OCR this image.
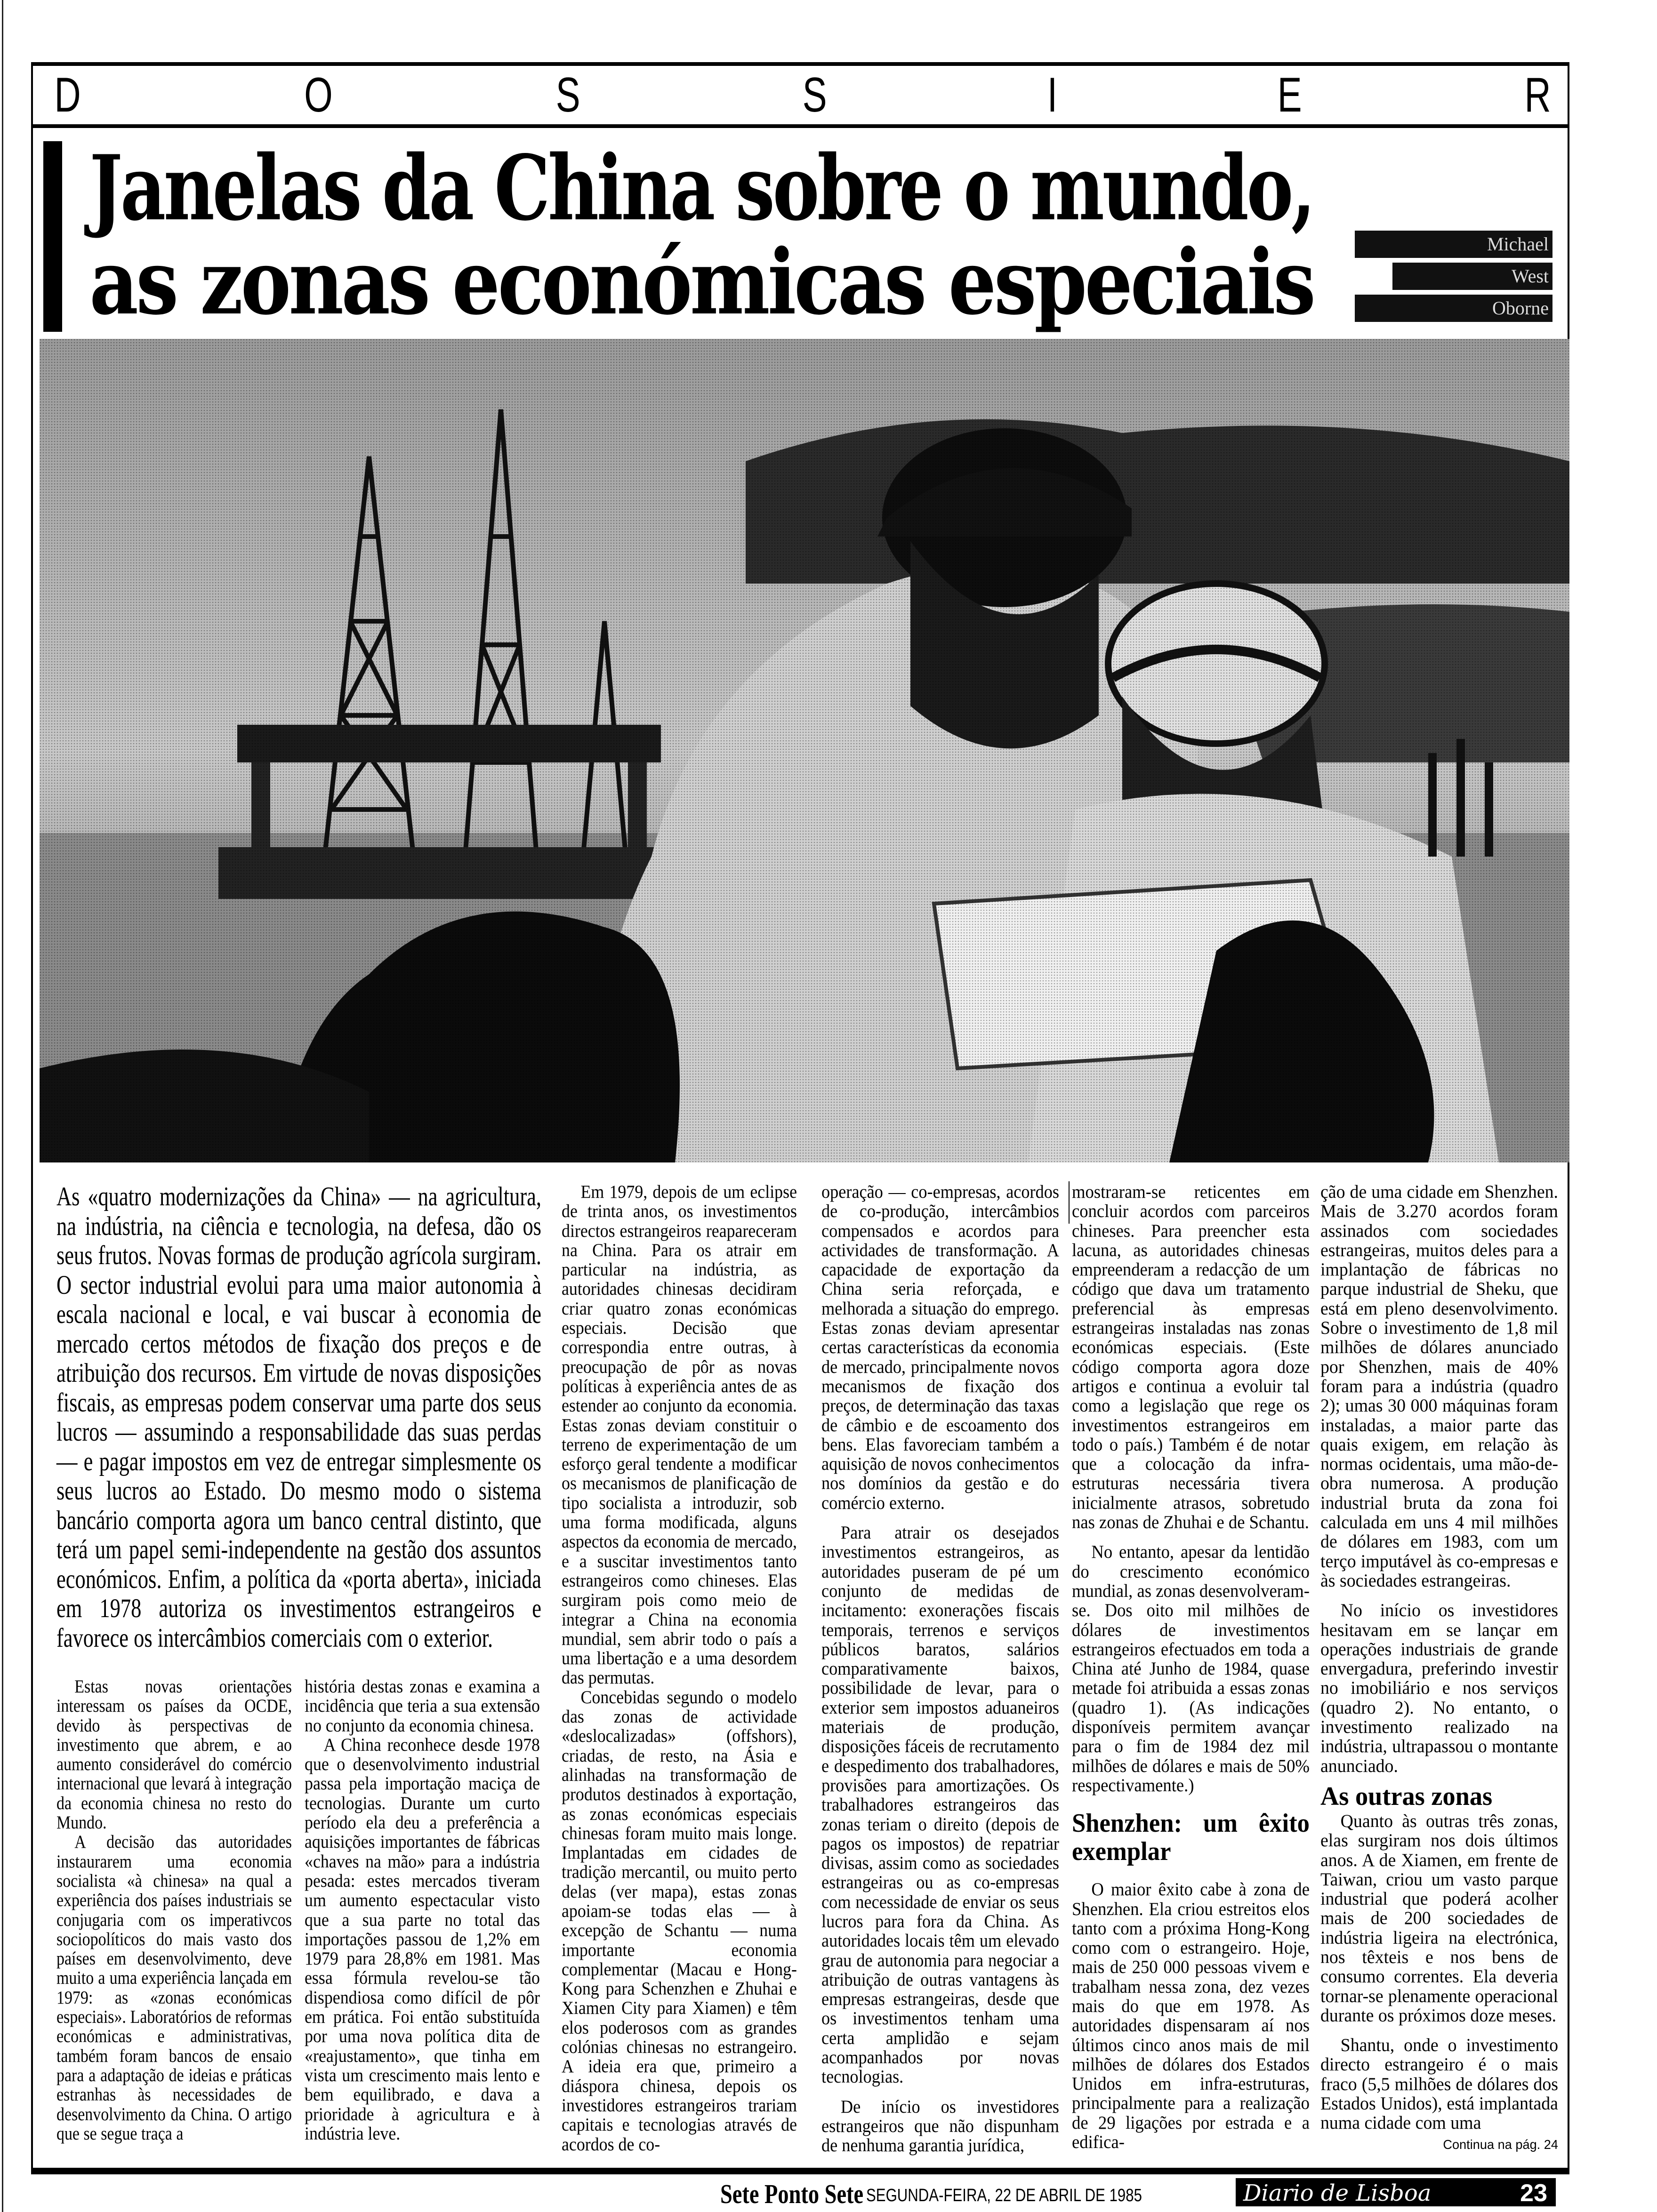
D	O	S	S	I	E	R
Janelas da China sobre o mundo,
as zonas económicas especiais	Michael
West
Oborne
As «quatro modernizações da China» — na agricultura, na indústria, na ciência e tecnologia, na defesa, dão os seus frutos. Novas formas de produção agrícola surgiram. O sector industrial evolui para uma maior autonomia à escala nacional e local, e vai buscar à economia de mercado certos métodos de fixação dos preços e de atribuição dos recursos. Em virtude de novas disposições fiscais, as empresas podem conservar uma parte dos seus lucros — assumindo a responsabilidade das suas perdas — e pagar impostos em vez de entregar simplesmente os seus lucros ao Estado. Do mesmo modo o sistema bancário comporta agora um banco central distinto, que terá um papel semi-independente na gestão dos assuntos económicos. Enfim, a política da «porta aberta», iniciada em 1978 autoriza os investimentos estrangeiros e favorece os intercâmbios comerciais com o exterior.

Estas novas orientações interessam os países da OCDE, devido às perspectivas de investimento que abrem, e ao aumento considerável do comércio internacional que levará à integração da economia chinesa no resto do Mundo.

A decisão das autoridades instaurarem uma economia socialista «à chinesa» na qual a experiência dos países industriais se conjugaria com os imperativcos sociopolíticos do mais vasto dos países em desenvolvimento, deve muito a uma experiência lançada em 1979: as «zonas económicas especiais». Laboratórios de reformas económicas e administrativas, também foram bancos de ensaio para a adaptação de ideias e práticas estranhas às necessidades de desenvolvimento da China. O artigo que se segue traça a

história destas zonas e examina a incidência que teria a sua extensão no conjunto da economia chinesa.

A China reconhece desde 1978 que o desenvolvimento industrial passa pela importação maciça de tecnologias. Durante um curto período ela deu a preferência a aquisições importantes de fábricas «chaves na mão» para a indústria pesada: estes mercados tiveram um aumento espectacular visto que a sua parte no total das importações passou de 1,2% em 1979 para 28,8% em 1981. Mas essa fórmula revelou-se tão dispendiosa como difícil de pôr em prática. Foi então substituída por uma nova política dita de «reajustamento», que tinha em vista um crescimento mais lento e bem equilibrado, e dava a prioridade à agricultura e à indústria leve.

Em 1979, depois de um eclipse de trinta anos, os investimentos directos estrangeiros reapareceram na China. Para os atrair em particular na indústria, as autoridades chinesas decidiram criar quatro zonas económicas especiais. Decisão que correspondia entre outras, à preocupação de pôr as novas políticas à experiência antes de as estender ao conjunto da economia. Estas zonas deviam constituir o terreno de experimentação de um esforço geral tendente a modificar os mecanismos de planificação de tipo socialista a introduzir, sob uma forma modificada, alguns aspectos da economia de mercado, e a suscitar investimentos tanto estrangeiros como chineses. Elas surgiram pois como meio de integrar a China na economia mundial, sem abrir todo o país a uma libertação e a uma desordem das permutas.

Concebidas segundo o modelo das zonas de actividade «deslocalizadas» (offshors), criadas, de resto, na Ásia e alinhadas na transformação de produtos destinados à exportação, as zonas económicas especiais chinesas foram muito mais longe. Implantadas em cidades de tradição mercantil, ou muito perto delas (ver mapa), estas zonas apoiam-se todas elas — à excepção de Schantu — numa importante economia complementar (Macau e Hong-Kong para Schenzhen e Zhuhai e Xiamen City para Xiamen) e têm elos poderosos com as grandes colónias chinesas no estrangeiro. A ideia era que, primeiro a diáspora chinesa, depois os investidores estrangeiros trariam capitais e tecnologias através de acordos de co-

operação — co-empresas, acordos de co-produção, intercâmbios compensados e acordos para actividades de transformação. A capacidade de exportação da China seria reforçada, e melhorada a situação do emprego. Estas zonas deviam apresentar certas características da economia de mercado, principalmente novos mecanismos de fixação dos preços, de determinação das taxas de câmbio e de escoamento dos bens. Elas favoreciam também a aquisição de novos conhecimentos nos domínios da gestão e do comércio externo.

Para atrair os desejados investimentos estrangeiros, as autoridades puseram de pé um conjunto de medidas de incitamento: exonerações fiscais temporais, terrenos e serviços públicos baratos, salários comparativamente baixos, possibilidade de levar, para o exterior sem impostos aduaneiros materiais de produção, disposições fáceis de recrutamento e despedimento dos trabalhadores, provisões para amortizações. Os trabalhadores estrangeiros das zonas teriam o direito (depois de pagos os impostos) de repatriar divisas, assim como as sociedades estrangeiras ou as co-empresas com necessidade de enviar os seus lucros para fora da China. As autoridades locais têm um elevado grau de autonomia para negociar a atribuição de outras vantagens às empresas estrangeiras, desde que os investimentos tenham uma certa amplidão e sejam acompanhados por novas tecnologias.

De início os investidores estrangeiros que não dispunham de nenhuma garantia jurídica,

mostraram-se reticentes em concluir acordos com parceiros chineses. Para preencher esta lacuna, as autoridades chinesas empreenderam a redacção de um código que dava um tratamento preferencial às empresas estrangeiras instaladas nas zonas económicas especiais. (Este código comporta agora doze artigos e continua a evoluir tal como a legislação que rege os investimentos estrangeiros em todo o país.) Também é de notar que a colocação da infra-estruturas necessária tivera inicialmente atrasos, sobretudo nas zonas de Zhuhai e de Schantu.

No entanto, apesar da lentidão do crescimento económico mundial, as zonas desenvolveram-se. Dos oito mil milhões de dólares de investimentos estrangeiros efectuados em toda a China até Junho de 1984, quase metade foi atribuida a essas zonas (quadro 1). (As indicações disponíveis permitem avançar para o fim de 1984 dez mil milhões de dólares e mais de 50% respectivamente.)

Shenzhen: um êxito exemplar

O maior êxito cabe à zona de Shenzhen. Ela criou estreitos elos tanto com a próxima Hong-Kong como com o estrangeiro. Hoje, mais de 250 000 pessoas vivem e trabalham nessa zona, dez vezes mais do que em 1978. As autoridades dispensaram aí nos últimos cinco anos mais de mil milhões de dólares dos Estados Unidos em infra-estruturas, principalmente para a realização de 29 ligações por estrada e a edifica-

ção de uma cidade em Shenzhen. Mais de 3.270 acordos foram assinados com sociedades estrangeiras, muitos deles para a implantação de fábricas no parque industrial de Sheku, que está em pleno desenvolvimento. Sobre o investimento de 1,8 mil milhões de dólares anunciado por Shenzhen, mais de 40% foram para a indústria (quadro 2); umas 30 000 máquinas foram instaladas, a maior parte das quais exigem, em relação às normas ocidentais, uma mão-de-obra numerosa. A produção industrial bruta da zona foi calculada em uns 4 mil milhões de dólares em 1983, com um terço imputável às co-empresas e às sociedades estrangeiras.

No início os investidores hesitavam em se lançar em operações industriais de grande envergadura, preferindo investir no imobiliário e nos serviços (quadro 2). No entanto, o investimento realizado na indústria, ultrapassou o montante anunciado.

As outras zonas

Quanto às outras três zonas, elas surgiram nos dois últimos anos. A de Xiamen, em frente de Taiwan, criou um vasto parque industrial que poderá acolher mais de 200 sociedades de indústria ligeira na electrónica, nos têxteis e nos bens de consumo correntes. Ela deveria tornar-se plenamente operacional durante os próximos doze meses.

Shantu, onde o investimento directo estrangeiro é o mais fraco (5,5 milhões de dólares dos Estados Unidos), está implantada numa cidade com uma

Continua na pág. 24
Sete Ponto Sete SEGUNDA-FEIRA, 22 DE ABRIL DE 1985	Diario de Lisboa	23
